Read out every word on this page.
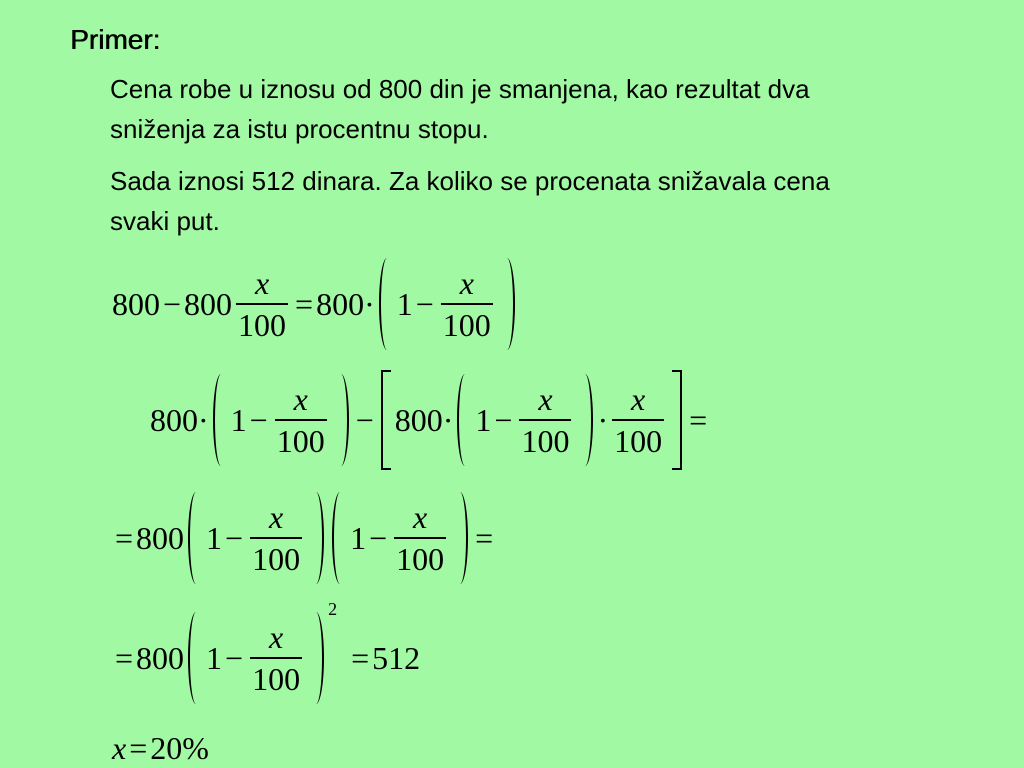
Primer:

Cena robe u iznosu od 800 din je smanjena, kao rezultat dva sniženja za istu procentnu stopu.

Sada iznosi 512 dinara. Za koliko se procenata snižavala cena svaki put.

$800 - 800 \frac{x}{100} = 800 \cdot 1 - \frac{x}{100}$
$800 \cdot 1 - \frac{x}{100} - 800 \cdot 1 - \frac{x}{100} \cdot \frac{x}{100}$ =
= 800 $1 - \frac{x}{100} 1 - \frac{x}{100}$ =
= 800 $1 - \frac{x}{100}$
2
= 512
x = 20%
